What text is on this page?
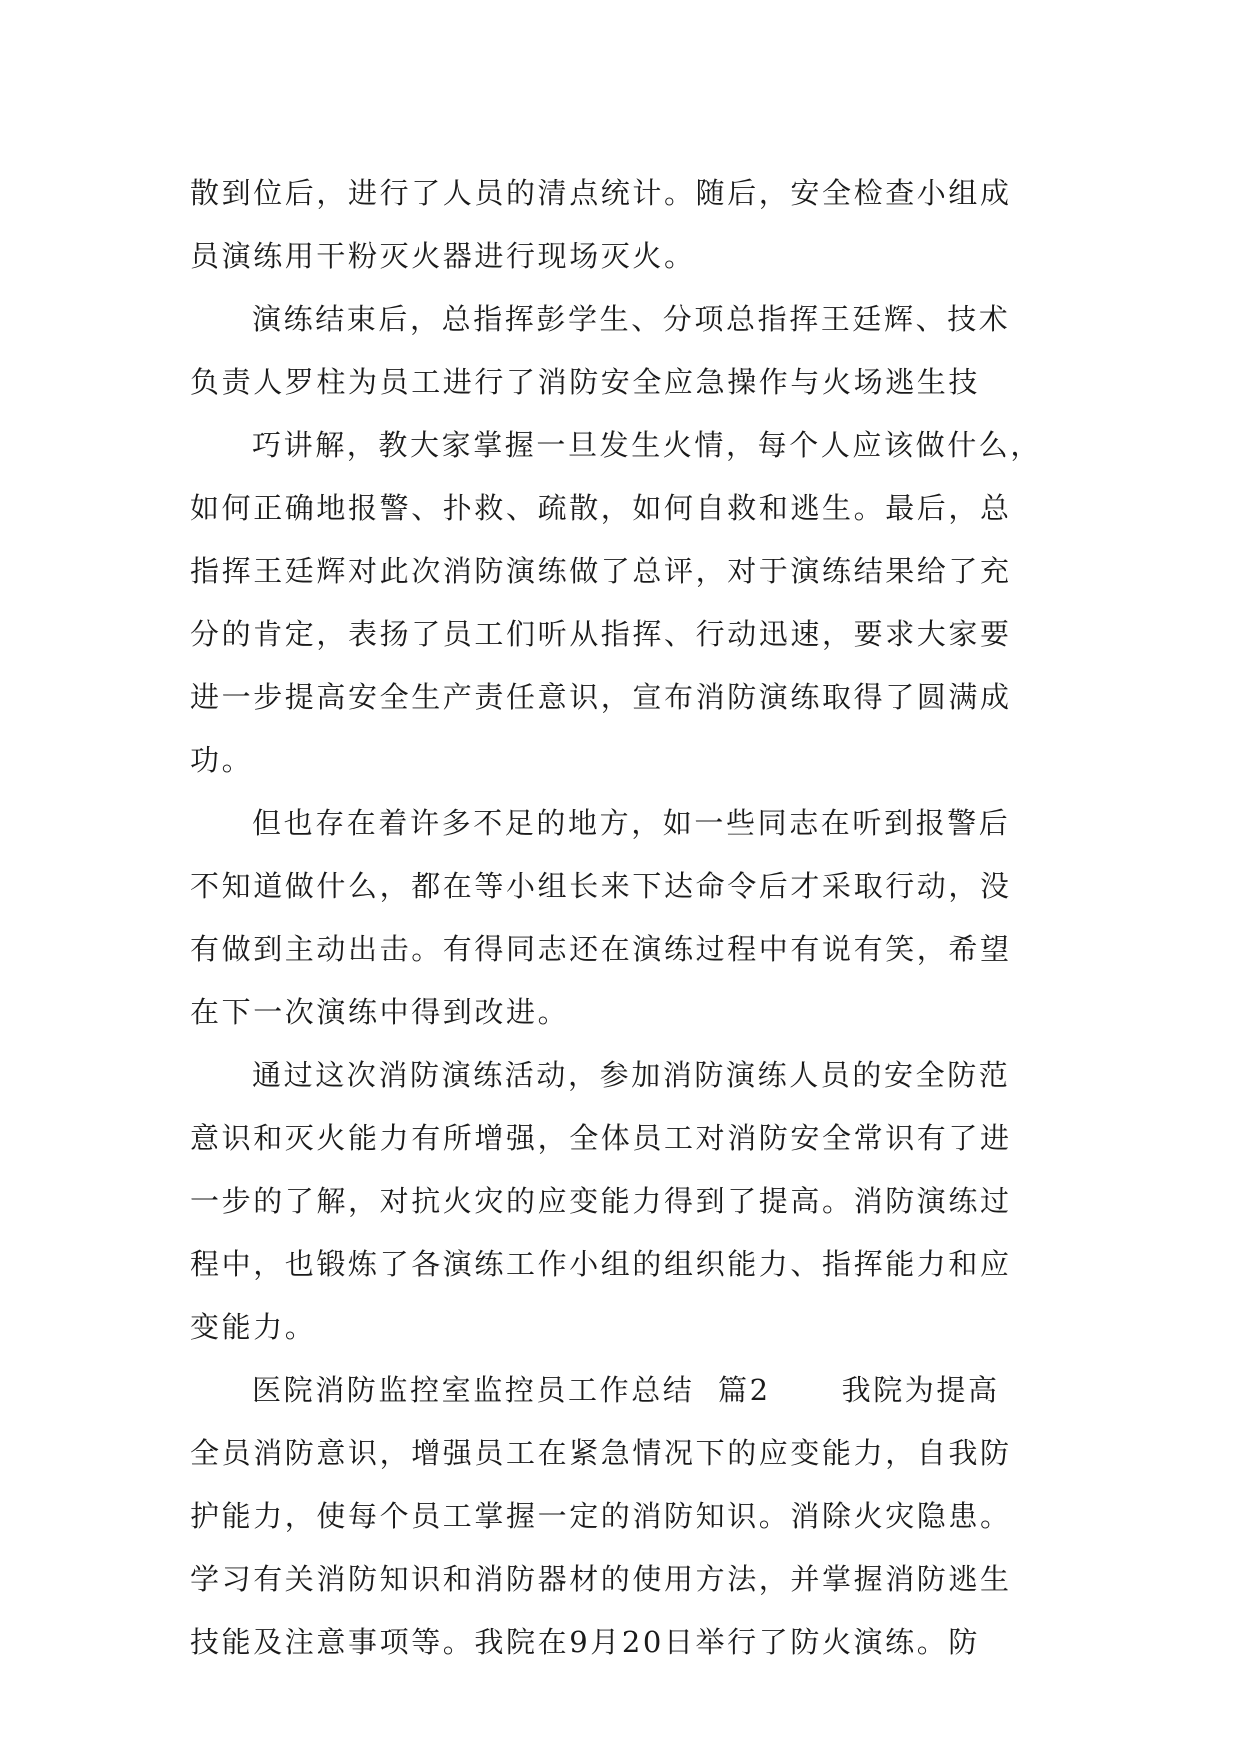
散到位后，进行了人员的清点统计。随后，安全检查小组成
员演练用干粉灭火器进行现场灭火。
演练结束后，总指挥彭学生、分项总指挥王廷辉、技术
负责人罗柱为员工进行了消防安全应急操作与火场逃生技
巧讲解，教大家掌握一旦发生火情，每个人应该做什么，
如何正确地报警、扑救、疏散，如何自救和逃生。最后，总
指挥王廷辉对此次消防演练做了总评，对于演练结果给了充
分的肯定，表扬了员工们听从指挥、行动迅速，要求大家要
进一步提高安全生产责任意识，宣布消防演练取得了圆满成
功。
但也存在着许多不足的地方，如一些同志在听到报警后
不知道做什么，都在等小组长来下达命令后才采取行动，没
有做到主动出击。有得同志还在演练过程中有说有笑，希望
在下一次演练中得到改进。
通过这次消防演练活动，参加消防演练人员的安全防范
意识和灭火能力有所增强，全体员工对消防安全常识有了进
一步的了解，对抗火灾的应变能力得到了提高。消防演练过
程中，也锻炼了各演练工作小组的组织能力、指挥能力和应
变能力。
医院消防监控室监控员工作总结  篇2      我院为提高
全员消防意识，增强员工在紧急情况下的应变能力，自我防
护能力，使每个员工掌握一定的消防知识。消除火灾隐患。
学习有关消防知识和消防器材的使用方法，并掌握消防逃生
技能及注意事项等。我院在9月20日举行了防火演练。防
